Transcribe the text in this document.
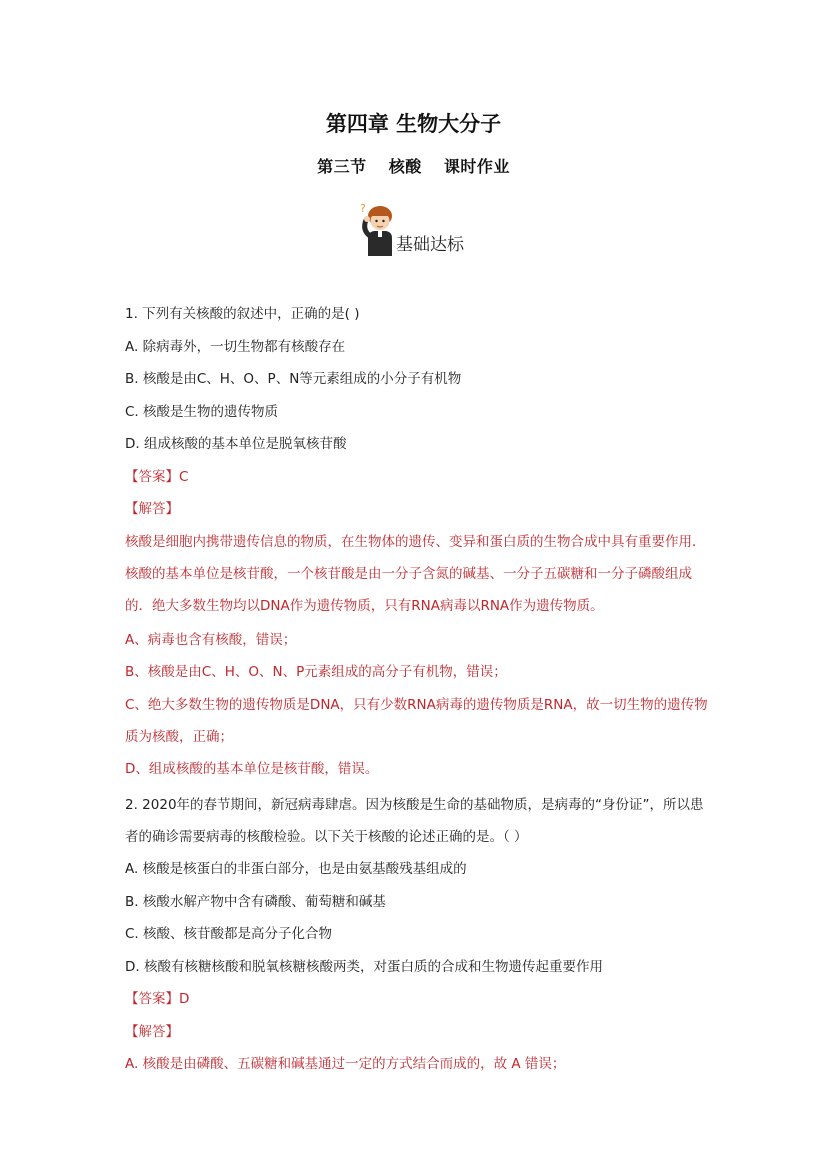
第四章 生物大分子
第三节 核酸 课时作业
?
基础达标

1. 下列有关核酸的叙述中，正确的是( )

A. 除病毒外，一切生物都有核酸存在

B. 核酸是由C、H、O、P、N等元素组成的小分子有机物

C. 核酸是生物的遗传物质

D. 组成核酸的基本单位是脱氧核苷酸

【答案】C

【解答】

核酸是细胞内携带遗传信息的物质，在生物体的遗传、变异和蛋白质的生物合成中具有重要作用．核酸的基本单位是核苷酸，一个核苷酸是由一分子含氮的碱基、一分子五碳糖和一分子磷酸组成的．绝大多数生物均以DNA作为遗传物质，只有RNA病毒以RNA作为遗传物质。

A、病毒也含有核酸，错误；

B、核酸是由C、H、O、N、P元素组成的高分子有机物，错误；

C、绝大多数生物的遗传物质是DNA，只有少数RNA病毒的遗传物质是RNA，故一切生物的遗传物质为核酸，正确；

D、组成核酸的基本单位是核苷酸，错误。

2. 2020年的春节期间，新冠病毒肆虐。因为核酸是生命的基础物质，是病毒的“身份证”，所以患者的确诊需要病毒的核酸检验。以下关于核酸的论述正确的是。（ ）

A. 核酸是核蛋白的非蛋白部分，也是由氨基酸残基组成的

B. 核酸水解产物中含有磷酸、葡萄糖和碱基

C. 核酸、核苷酸都是高分子化合物

D. 核酸有核糖核酸和脱氧核糖核酸两类，对蛋白质的合成和生物遗传起重要作用

【答案】D

【解答】

A. 核酸是由磷酸、五碳糖和碱基通过一定的方式结合而成的，故 A 错误；
